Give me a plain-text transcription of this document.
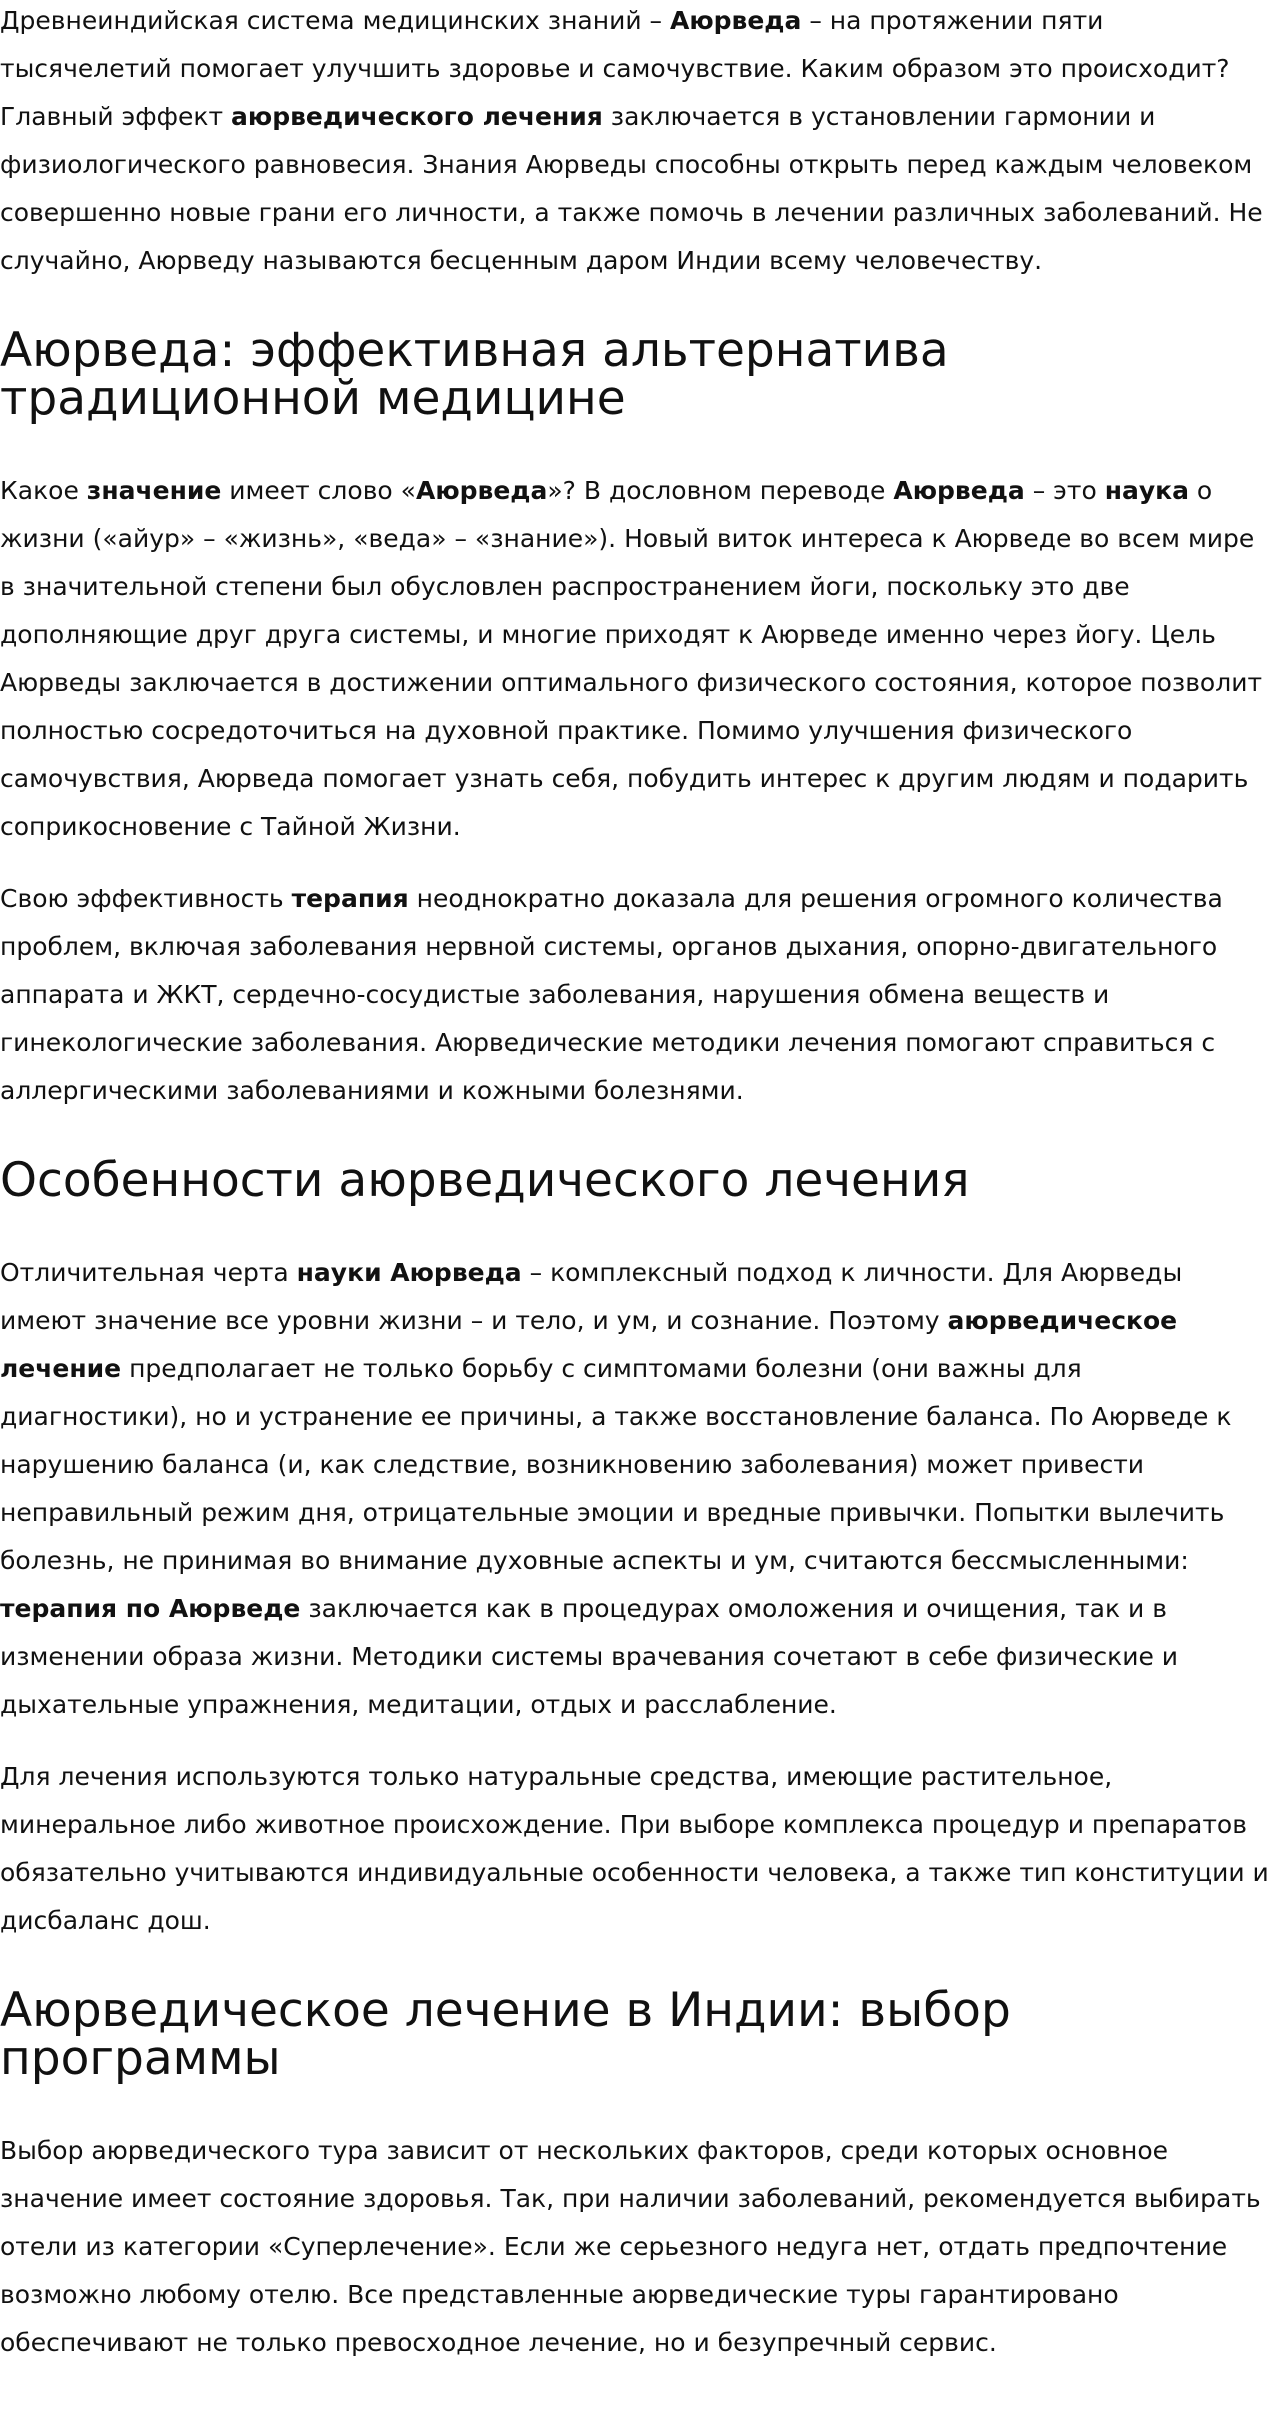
Древнеиндийская система медицинских знаний – Аюрведа – на протяжении пяти тысячелетий помогает улучшить здоровье и самочувствие. Каким образом это происходит? Главный эффект аюрведического лечения заключается в установлении гармонии и физиологического равновесия. Знания Аюрведы способны открыть перед каждым человеком совершенно новые грани его личности, а также помочь в лечении различных заболеваний. Не случайно, Аюрведу называются бесценным даром Индии всему человечеству.

Аюрведа: эффективная альтернатива традиционной медицине

Какое значение имеет слово «Аюрведа»? В дословном переводе Аюрведа – это наука о жизни («айур» – «жизнь», «веда» – «знание»). Новый виток интереса к Аюрведе во всем мире в значительной степени был обусловлен распространением йоги, поскольку это две дополняющие друг друга системы, и многие приходят к Аюрведе именно через йогу. Цель Аюрведы заключается в достижении оптимального физического состояния, которое позволит полностью сосредоточиться на духовной практике. Помимо улучшения физического самочувствия, Аюрведа помогает узнать себя, побудить интерес к другим людям и подарить соприкосновение с Тайной Жизни.

Свою эффективность терапия неоднократно доказала для решения огромного количества проблем, включая заболевания нервной системы, органов дыхания, опорно-двигательного аппарата и ЖКТ, сердечно-сосудистые заболевания, нарушения обмена веществ и гинекологические заболевания. Аюрведические методики лечения помогают справиться с аллергическими заболеваниями и кожными болезнями.

Особенности аюрведического лечения

Отличительная черта науки Аюрведа – комплексный подход к личности. Для Аюрведы имеют значение все уровни жизни – и тело, и ум, и сознание. Поэтому аюрведическое лечение предполагает не только борьбу с симптомами болезни (они важны для диагностики), но и устранение ее причины, а также восстановление баланса. По Аюрведе к нарушению баланса (и, как следствие, возникновению заболевания) может привести неправильный режим дня, отрицательные эмоции и вредные привычки. Попытки вылечить болезнь, не принимая во внимание духовные аспекты и ум, считаются бессмысленными: терапия по Аюрведе заключается как в процедурах омоложения и очищения, так и в изменении образа жизни. Методики системы врачевания сочетают в себе физические и дыхательные упражнения, медитации, отдых и расслабление.

Для лечения используются только натуральные средства, имеющие растительное, минеральное либо животное происхождение. При выборе комплекса процедур и препаратов обязательно учитываются индивидуальные особенности человека, а также тип конституции и дисбаланс дош.

Аюрведическое лечение в Индии: выбор программы

Выбор аюрведического тура зависит от нескольких факторов, среди которых основное значение имеет состояние здоровья. Так, при наличии заболеваний, рекомендуется выбирать отели из категории «Суперлечение». Если же серьезного недуга нет, отдать предпочтение возможно любому отелю. Все представленные аюрведические туры гарантировано обеспечивают не только превосходное лечение, но и безупречный сервис.
